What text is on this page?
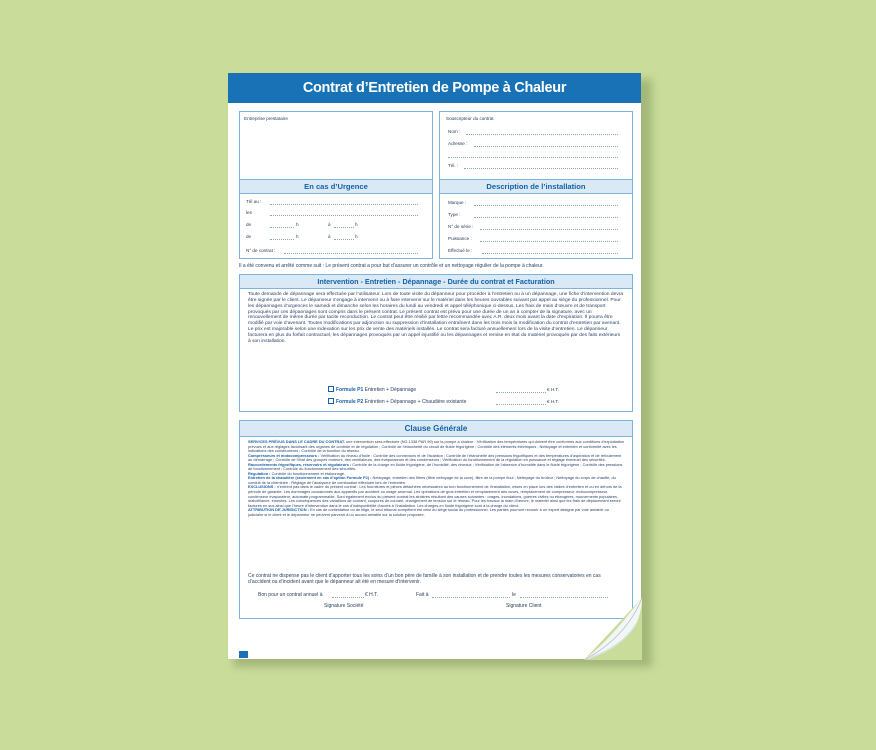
Contrat d’Entretien de Pompe à Chaleur
Entreprise prestataire	Souscripteur du contrat
Nom :
Adresse :
Tél. :
En cas d’Urgence
Tél au :
les
de	h	à	h
de	h	à	h
N° de contrat :
Description de l’installation
Marque :
Type :
N° de série :
Puissance :
Effectué le :
Il a été convenu et arrêté comme suit : Le présent contrat a pour but d’assurer un contrôle et un nettoyage régulier de la pompe à chaleur.
Intervention - Entretien - Dépannage - Durée du contrat et Facturation
Toute demande de dépannage sera effectuée par l’utilisateur. Lors de toute visite du dépanneur pour procéder à l’entretien ou à un dépannage, une fiche d’intervention devra être signée par le client. Le dépanneur s’engage à intervenir ou à faire intervenir sur le matériel dans les heures ouvrables suivant par appel au siège du professionnel. Pour les dépannages d’urgences le samedi et dimanche selon les horaires du lundi au vendredi et appel téléphonique ci-dessus. Les frais de main d’œuvre et de transport provoqués par ces dépannages sont compris dans le présent contrat. Le présent contrat est prévu pour une durée de un an à compter de la signature, avec un renouvellement de même durée par tacite reconduction. Le contrat peut être résilié par lettre recommandée avec A.R. deux mois avant la date d’expiration. Il pourra être modifié par voie d’avenant. Toutes modifications par adjonction ou suppression d’installation entraînent dans les trois mois la modification du contrat d’entretien par avenant. Le prix est majorable selon une indexation sur les prix de vente des matériels installés. Le contrat sera facturé annuellement lors de la visite d’entretien. Le dépanneur facturera en plus du forfait contractuel, les dépannages provoqués par un appel injustifié ou les dépannages et remise en état du matériel provoqués par des faits extérieurs à son installation.
Formule P1 Entretien + Dépannage	€ H.T.
Formule P2 Entretien + Dépannage + Chaudière existante	€ H.T.
Clause Générale
SERVICES PRÉVUS DANS LE CADRE DU CONTRAT. une intervention sera effectuée (NG 1338 PAR 99) sur la pompe à chaleur : Vérification des températures qui doivent être conformes aux conditions d’exploitation prévues et aux réglages favorisant des organes de contrôle et de régulation ; Contrôle de l’étanchéité du circuit de fluide frigorigène ; Contrôle des éléments électriques ; Nettoyage et entretien et conformité avec les indications des constructeurs ; Contrôle de la fonction du réseau.
Compresseurs et motocompresseurs : Vérification du niveau d’huile ; Contrôle des connexions et de l’isolation ; Contrôle de l’étanchéité des pressions frigorifiques et des températures d’aspiration et de refoulement au démarrage ; Contrôle de l’état des groupes moteurs, des ventilateurs, des évaporateurs et des condenseurs ; Vérification du fonctionnement de la régulation en puissance et réglage éventuel des sécurités.
Raccordements frigorifiques, réservoirs et régulateurs : Contrôle de la charge en fluide frigorigène, de l’humidité, des niveaux ; Vérification de l’absence d’humidité dans le fluide frigorigène ; Contrôle des pressions de fonctionnement ; Contrôle du fonctionnement des sécurités.
Régulation : Contrôle du fonctionnement et étalonnage.
Entretien de la chaudière (seulement en cas d’option Formule P2) : Nettoyage, entretien des filtres (filtre nettoyage de la cuve), filtre de la pompe fioul ; Nettoyage du brûleur ; Nettoyage du corps de chauffe, du conduit de la cheminée ; Réglage de l’analyseur de combustion effectuée lors de l’entretien.
EXCLUSIONS : n’entrent pas dans le cadre du présent contrat : Les fournitures et pièces détachées nécessaires au bon fonctionnement de l’installation, mises en place lors des visites d’entretien et ou en dehors de la période de garantie. Les dommages occasionnés aux appareils par accident ou usage anormal. Les opérations de gros entretien et remplacement des cuves, remplacement de compresseur, motocompresseur, condenseur évaporateur, automate programmable. Sont également exclus du présent contrat les sinistres résultant des causes suivantes : orages, inondations, guerres civiles ou étrangères, mouvements populaires, malveillance, émeutes. Les conséquences des variations de courant, coupures de courant, changement de tension sur le réseau. Pour les travaux la main d’œuvre, le matériel ainsi que les frais de déplacement seront facturés en sus ainsi que l’heure d’intervention dans le cas d’indisponibilité d’accès à l’installation. Les charges en fluide frigorigène sont à la charge du client.
ATTRIBUTION DE JURIDICTION : En cas de contestation ou de litige, le seul tribunal compétent est celui du siège social du professionnel. Les parties pourront recourir à un expert désigné par voie amiable ou judiciaire si le client et le dépanneur ne peuvent parvenir à un accord amiable sur la solution proposée.
Ce contrat ne dispense pas le client d’apporter tous les soins d’un bon père de famille à son installation et de prendre toutes les mesures conservatoires en cas d’accident ou d’incident avant que le dépanneur ait été en mesure d’intervenir.
Bon pour un contrat annuel à	€ H.T.	Fait à	le
Signature Société	Signature Client
